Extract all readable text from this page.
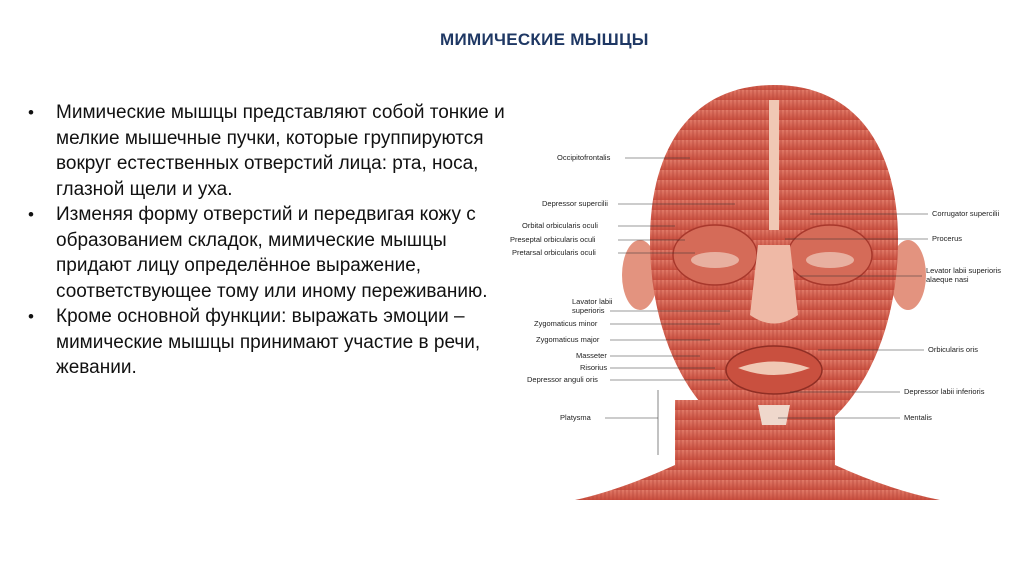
МИМИЧЕСКИЕ МЫШЦЫ
• Мимические мышцы представляют собой тонкие и мелкие мышечные пучки, которые группируются вокруг естественных отверстий лица: рта, носа, глазной щели и уха.
• Изменяя форму отверстий и передвигая кожу с образованием складок, мимические мышцы придают лицу определённое выражение, соответствующее тому или иному переживанию.
• Кроме основной функции: выражать эмоции – мимические мышцы принимают участие в речи, жевании.
Occipitofrontalis
Depressor supercilii
Orbital orbicularis oculi
Preseptal orbicularis oculi
Pretarsal orbicularis oculi
Lavator labii
superioris
Zygomaticus minor
Zygomaticus major
Masseter
Risorius
Depressor anguli oris
Platysma
Corrugator supercilii
Procerus
Levator labii superioris
alaeque nasi
Orbicularis oris
Depressor labii inferioris
Mentalis
